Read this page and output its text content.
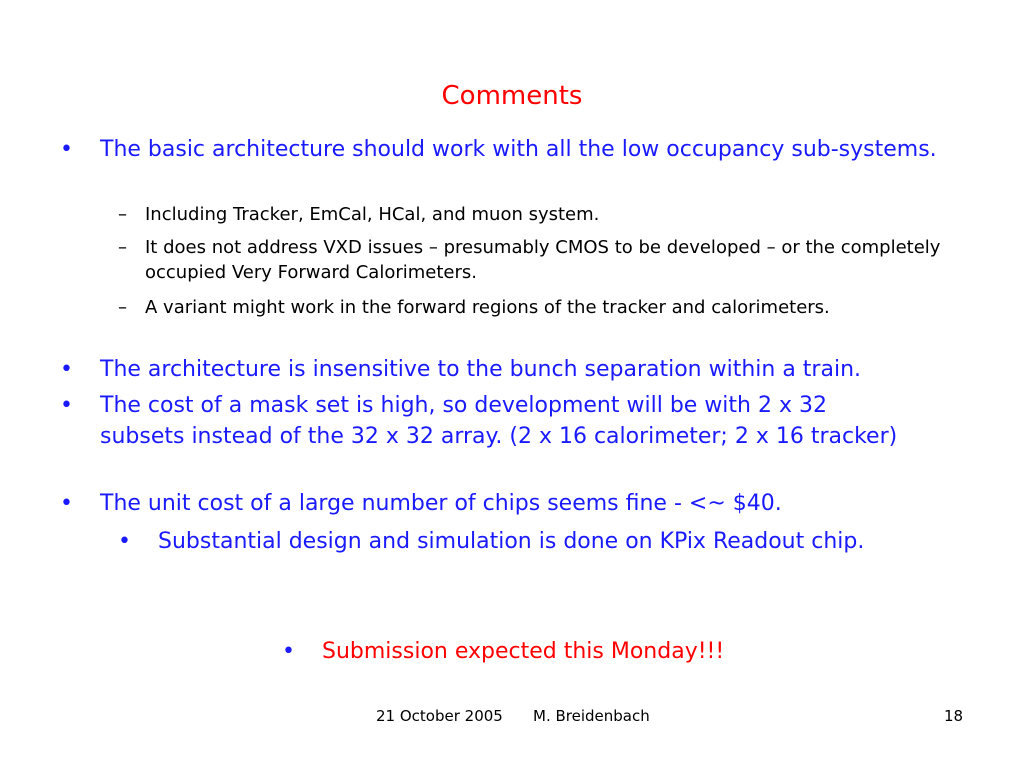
Comments
• The basic architecture should work with all the low occupancy sub-systems.
– Including Tracker, EmCal, HCal, and muon system.
– It does not address VXD issues – presumably CMOS to be developed – or the completely occupied Very Forward Calorimeters.
– A variant might work in the forward regions of the tracker and calorimeters.
• The architecture is insensitive to the bunch separation within a train.
• The cost of a mask set is high, so development will be with 2 x 32 subsets instead of the 32 x 32 array. (2 x 16 calorimeter; 2 x 16 tracker)
• The unit cost of a large number of chips seems fine - <~ $40.
• Substantial design and simulation is done on KPix Readout chip.
• Submission expected this Monday!!!
21 October 2005 M. Breidenbach	18
